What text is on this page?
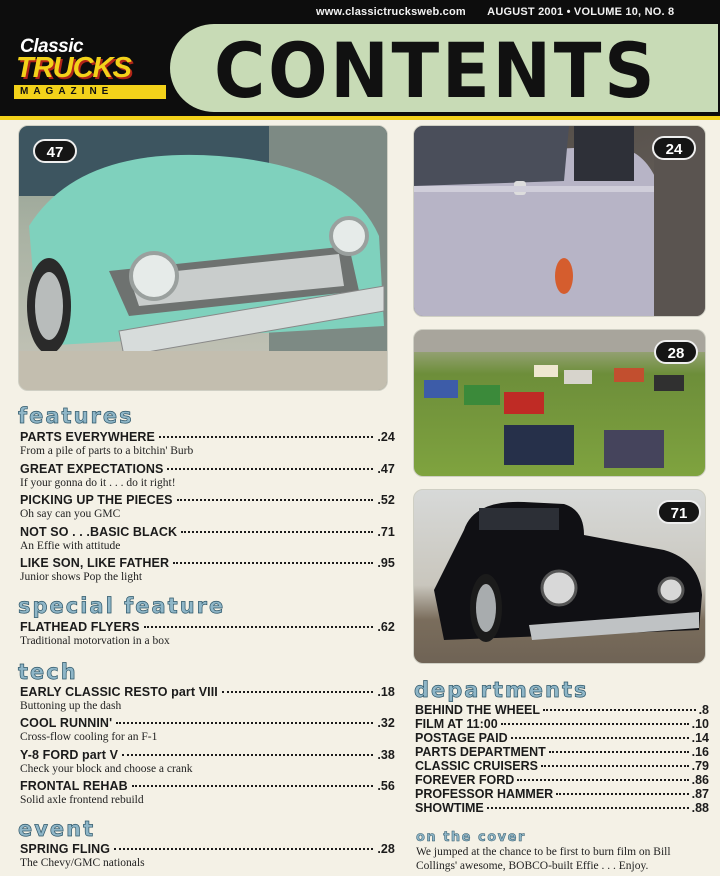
www.classictrucksweb.com AUGUST 2001 • VOLUME 10, NO. 8
Classic
TRUCKS
MAGAZINE	CONTENTS
47	24
28
71
features
PARTS EVERYWHERE	.24
From a pile of parts to a bitchin' Burb
GREAT EXPECTATIONS	.47
If your gonna do it . . . do it right!
PICKING UP THE PIECES	.52
Oh say can you GMC
NOT SO . . .BASIC BLACK	.71
An Effie with attitude
LIKE SON, LIKE FATHER	.95
Junior shows Pop the light
special feature
FLATHEAD FLYERS	.62
Traditional motorvation in a box
tech
EARLY CLASSIC RESTO part VIII	.18
Buttoning up the dash
COOL RUNNIN'	.32
Cross-flow cooling for an F-1
Y-8 FORD part V	.38
Check your block and choose a crank
FRONTAL REHAB	.56
Solid axle frontend rebuild
event
SPRING FLING	.28
The Chevy/GMC nationals
departments
BEHIND THE WHEEL	.8
FILM AT 11:00	.10
POSTAGE PAID	.14
PARTS DEPARTMENT	.16
CLASSIC CRUISERS	.79
FOREVER FORD	.86
PROFESSOR HAMMER	.87
SHOWTIME	.88
on the cover
We jumped at the chance to be first to burn film on Bill Collings' awesome, BOBCO-built Effie . . . Enjoy.
